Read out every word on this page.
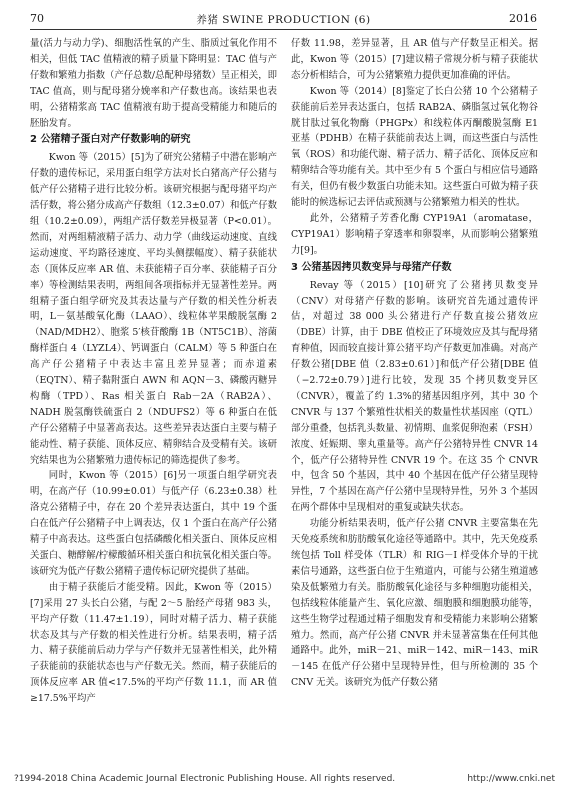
70	养猪 SWINE PRODUCTION (6)	2016

量(活力与动力学)、细胞活性氧的产生、脂质过氧化作用不相关，但低 TAC 值精液的精子质量下降明显：TAC 值与产仔数和繁殖力指数（产仔总数/总配种母猪数）呈正相关，即 TAC 值高，则与配母猪分娩率和产仔数也高。该结果也表明，公猪精浆高 TAC 值精液有助于提高受精能力和随后的胚胎发育。

2 公猪精子蛋白对产仔数影响的研究

Kwon 等（2015）[5]为了研究公猪精子中潜在影响产仔数的遗传标记，采用蛋白组学方法对长白猪高产仔公猪与低产仔公猪精子进行比较分析。该研究根据与配母猪平均产活仔数，将公猪分成高产仔数组（12.3±0.07）和低产仔数组（10.2±0.09），两组产活仔数差异极显著（P<0.01）。然而，对两组精液精子活力、动力学（曲线运动速度、直线运动速度、平均路径速度、平均头侧摆幅度）、精子获能状态（顶体反应率 AR 值、未获能精子百分率、获能精子百分率）等检测结果表明，两组间各项指标并无显著性差异。两组精子蛋白组学研究及其表达量与产仔数的相关性分析表明，L－氨基酸氧化酶（LAAO）、线粒体苹果酸脱氢酶 2（NAD/MDH2）、胞浆 5′核苷酸酶 1B（NT5C1B）、溶菌酶样蛋白 4（LYZL4）、钙调蛋白（CALM）等 5 种蛋白在高产仔公猪精子中表达丰富且差异显著；而赤道素（EQTN）、精子黏附蛋白 AWN 和 AQN－3、磷酸丙糖异构酶（TPD）、Ras 相关蛋白 Rab－2A（RAB2A）、NADH 脱氢酶铁硫蛋白 2（NDUFS2）等 6 种蛋白在低产仔公猪精子中显著高表达。这些差异表达蛋白主要与精子能动性、精子获能、顶体反应、精卵结合及受精有关。该研究结果也为公猪繁殖力遗传标记的筛选提供了参考。

同时，Kwon 等（2015）[6]另一项蛋白组学研究表明，在高产仔（10.99±0.01）与低产仔（6.23±0.38）杜洛克公猪精子中，存在 20 个差异表达蛋白，其中 19 个蛋白在低产仔公猪精子中上调表达，仅 1 个蛋白在高产仔公猪精子中高表达。这些蛋白包括磷酸化相关蛋白、顶体反应相关蛋白、糖酵解/柠檬酸循环相关蛋白和抗氧化相关蛋白等。该研究为低产仔数公猪精子遗传标记研究提供了基础。

由于精子获能后才能受精。因此，Kwon 等（2015）[7]采用 27 头长白公猪，与配 2～5 胎经产母猪 983 头，平均产仔数（11.47±1.19），同时对精子活力、精子获能状态及其与产仔数的相关性进行分析。结果表明，精子活力、精子获能前后动力学与产仔数并无显著性相关，此外精子获能前的获能状态也与产仔数无关。然而，精子获能后的顶体反应率 AR 值<17.5%的平均产仔数 11.1，而 AR 值≥17.5%平均产

仔数 11.98，差异显著，且 AR 值与产仔数呈正相关。据此，Kwon 等（2015）[7]建议精子常规分析与精子获能状态分析相结合，可为公猪繁殖力提供更加准确的评估。

Kwon 等（2014）[8]鉴定了长白公猪 10 个公猪精子获能前后差异表达蛋白，包括 RAB2A、磷脂氢过氧化物谷胱甘肽过氧化物酶（PHGPx）和线粒体丙酮酸脱氢酶 E1 亚基（PDHB）在精子获能前表达上调，而这些蛋白与活性氧（ROS）和功能代谢、精子活力、精子活化、顶体反应和精卵结合等功能有关。其中至少有 5 个蛋白与相应信号通路有关，但仍有极少数蛋白功能未知。这些蛋白可做为精子获能时的候选标记去评估或预测与公猪繁殖力相关的性状。

此外，公猪精子芳香化酶 CYP19A1（aromatase，CYP19A1）影响精子穿透率和卵裂率，从而影响公猪繁殖力[9]。

3 公猪基因拷贝数变异与母猪产仔数

Revay 等（2015）[10]研究了公猪拷贝数变异（CNV）对母猪产仔数的影响。该研究首先通过遗传评估，对超过 38 000 头公猪进行产仔数直接公猪效应（DBE）计算，由于 DBE 值校正了环境效应及其与配母猪育种值，因而较直接计算公猪平均产仔数更加准确。对高产仔数公猪[DBE 值（2.83±0.61）]和低产仔公猪[DBE 值（−2.72±0.79）]进行比较，发现 35 个拷贝数变异区（CNVR），覆盖了约 1.3%的猪基因组序列，其中 30 个 CNVR 与 137 个繁殖性状相关的数量性状基因座（QTL）部分重叠，包括乳头数量、初情期、血浆促卵泡素（FSH）浓度、妊娠期、睾丸重量等。高产仔公猪特异性 CNVR 14 个，低产仔公猪特异性 CNVR 19 个。在这 35 个 CNVR 中，包含 50 个基因，其中 40 个基因在低产仔公猪呈现特异性，7 个基因在高产仔公猪中呈现特异性，另外 3 个基因在两个群体中呈现相对的重复或缺失状态。

功能分析结果表明，低产仔公猪 CNVR 主要富集在先天免疫系统和肪肪酸氧化途径等通路中。其中，先天免疫系统包括 Toll 样受体（TLR）和 RIG－I 样受体介导的干扰素信号通路，这些蛋白位于生殖道内，可能与公猪生殖道感染及低繁殖力有关。脂肪酸氧化途径与多种细胞功能相关，包括线粒体能量产生、氧化应激、细胞膜和细胞膜功能等，这些生物学过程通过精子细胞发育和受精能力来影响公猪繁殖力。然而，高产仔公猪 CNVR 并未显著富集在任何其他通路中。此外，miR－21、miR－142、miR－143、miR－145 在低产仔公猪中呈现特异性，但与所检测的 35 个 CNV 无关。该研究为低产仔数公猪

?1994-2018 China Academic Journal Electronic Publishing House. All rights reserved.	http://www.cnki.net
